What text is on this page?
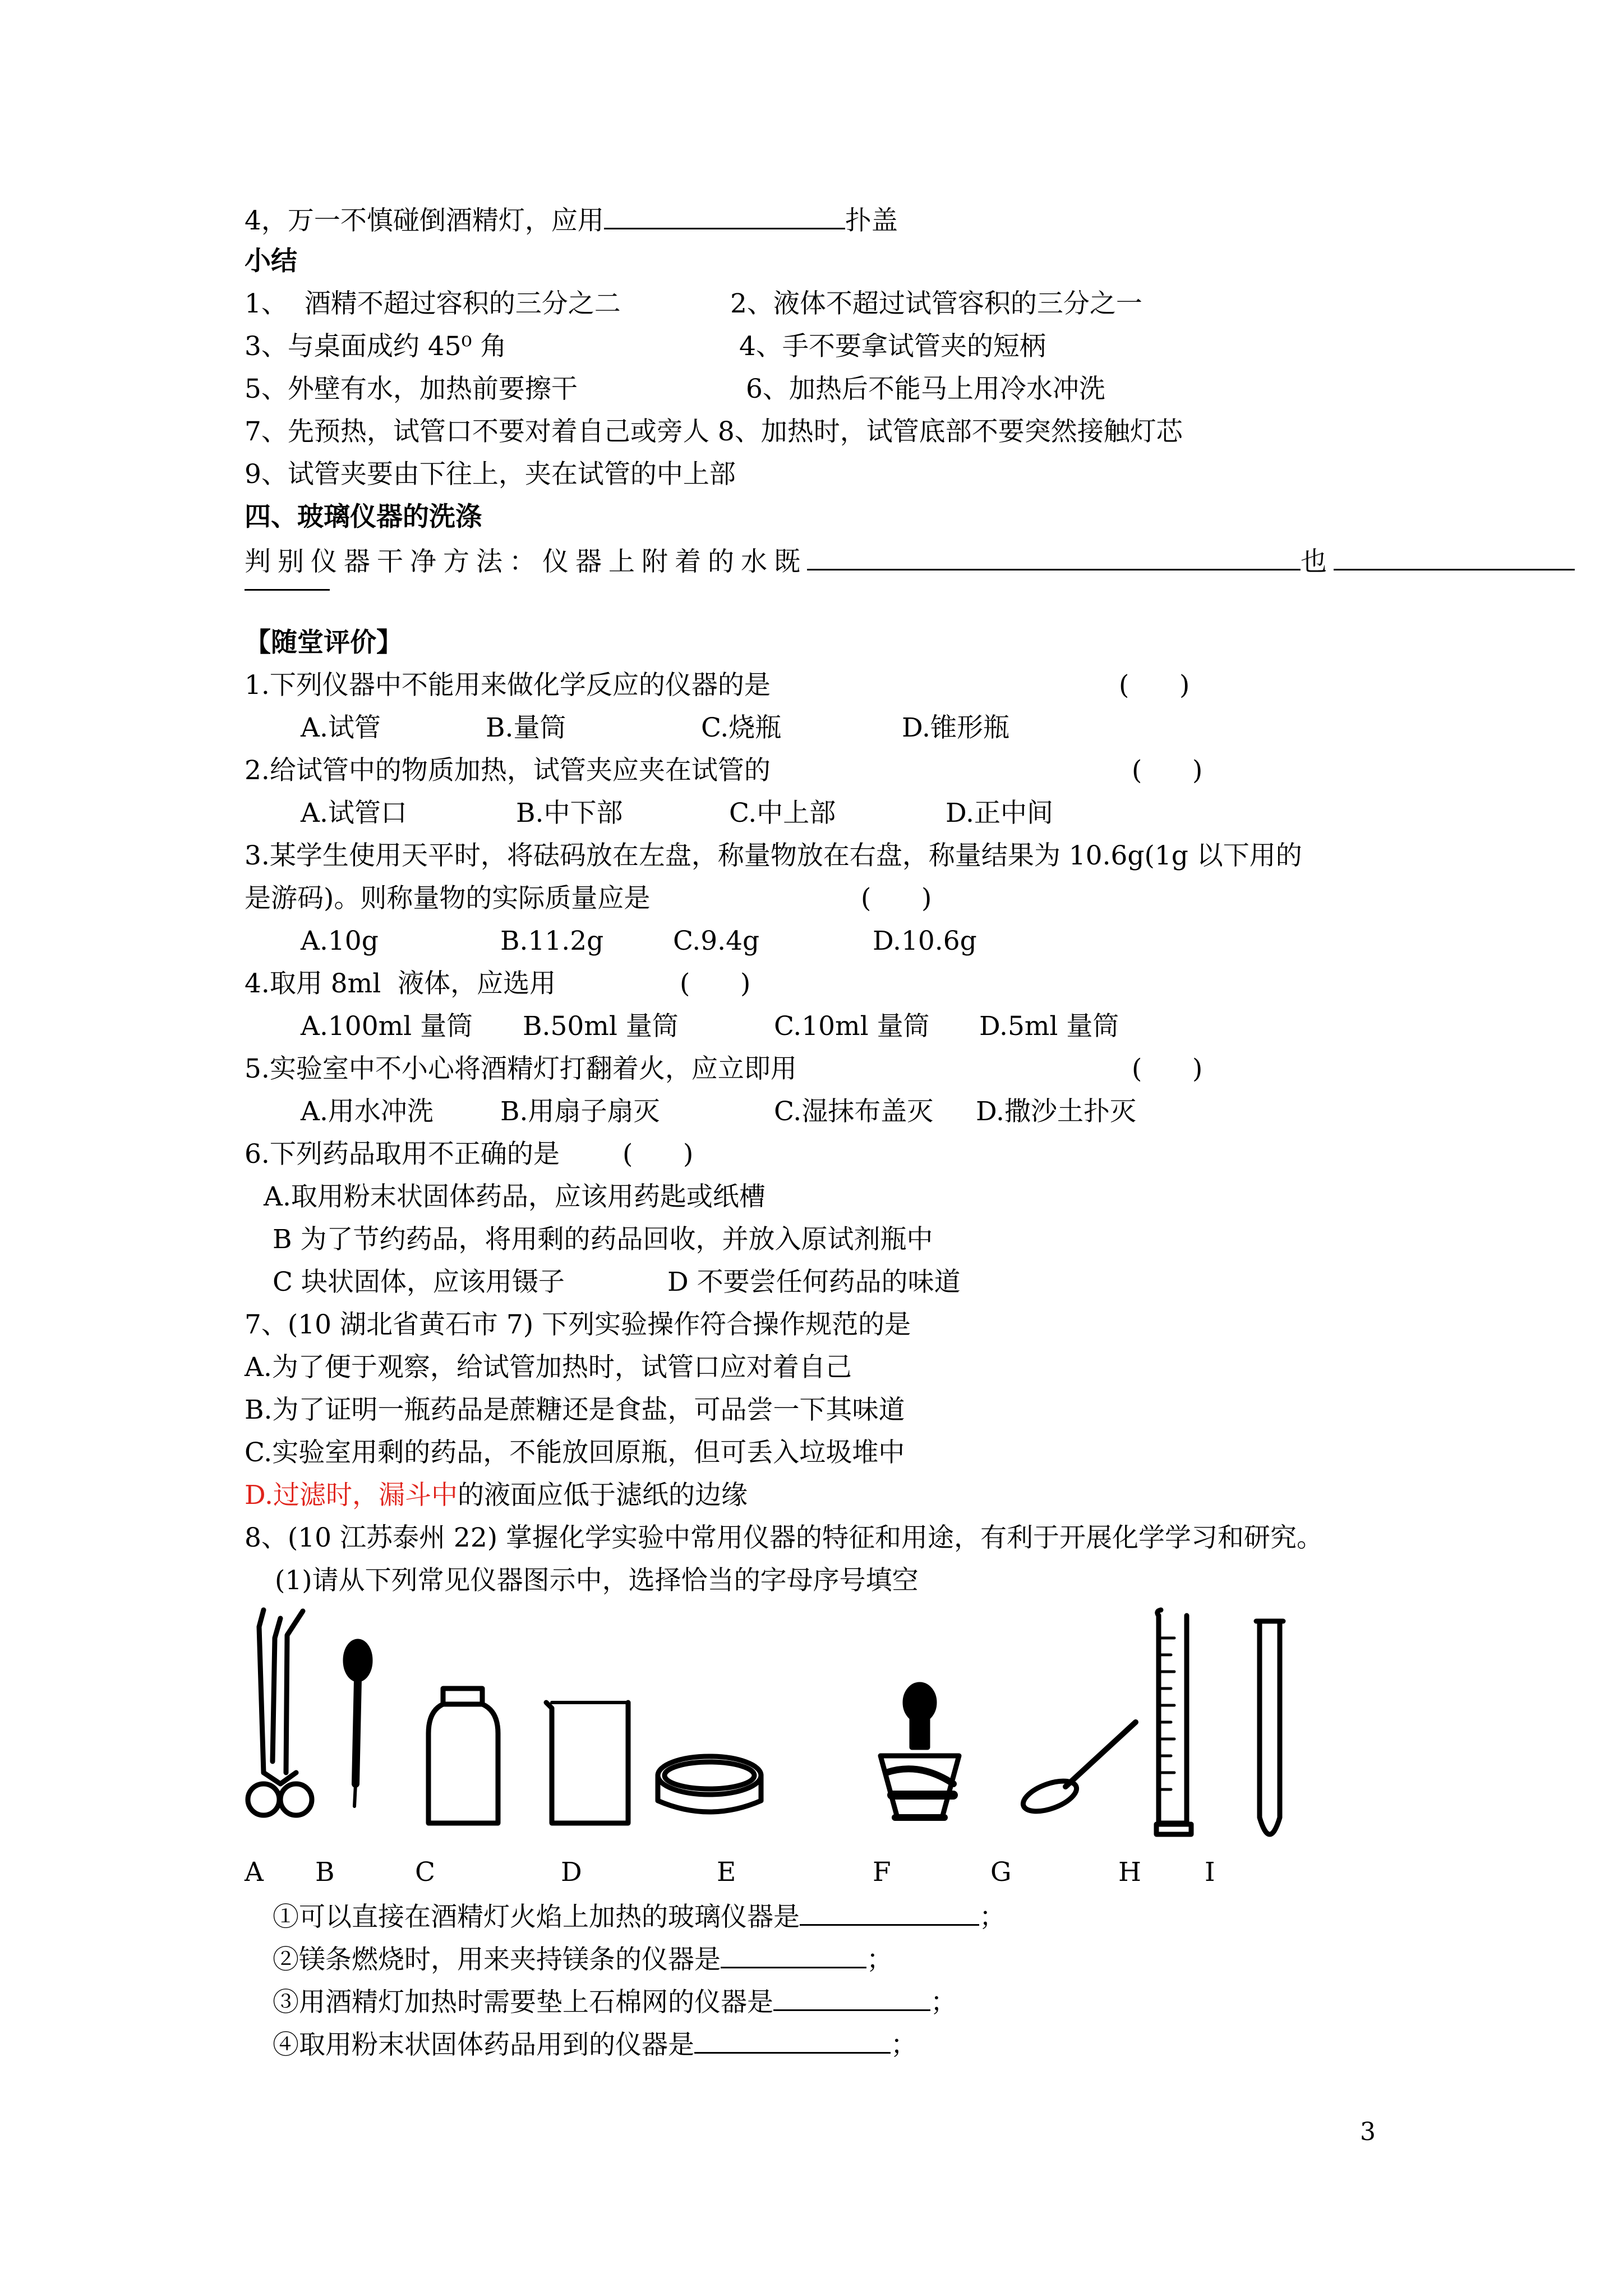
4，万一不慎碰倒酒精灯，应用	扑盖
小结
1、  酒精不超过容积的三分之二	2、液体不超过试管容积的三分之一
3、与桌面成约 45⁰ 角	4、手不要拿试管夹的短柄
5、外壁有水，加热前要擦干	6、加热后不能马上用冷水冲洗
7、先预热，试管口不要对着自己或旁人 8、加热时，试管底部不要突然接触灯芯
9、试管夹要由下往上，夹在试管的中上部
四、玻璃仪器的洗涤
判别仪器干净方法：仪器上附着的水既	也
【随堂评价】
1.下列仪器中不能用来做化学反应的仪器的是	(      )
A.试管	B.量筒	C.烧瓶	D.锥形瓶
2.给试管中的物质加热，试管夹应夹在试管的	(      )
A.试管口	B.中下部	C.中上部	D.正中间
3.某学生使用天平时，将砝码放在左盘，称量物放在右盘，称量结果为 10.6g(1g 以下用的
是游码)。则称量物的实际质量应是	(      )
A.10g	B.11.2g	C.9.4g	D.10.6g
4.取用 8ml  液体，应选用	(      )
A.100ml 量筒 B.50ml 量筒	C.10ml 量筒 D.5ml 量筒
5.实验室中不小心将酒精灯打翻着火，应立即用	(      )
A.用水冲洗	B.用扇子扇灭	C.湿抹布盖灭 D.撒沙土扑灭
6.下列药品取用不正确的是 (      )
A.取用粉末状固体药品，应该用药匙或纸槽
B 为了节约药品，将用剩的药品回收，并放入原试剂瓶中
C 块状固体，应该用镊子	D 不要尝任何药品的味道
7、(10 湖北省黄石市 7) 下列实验操作符合操作规范的是
A.为了便于观察，给试管加热时，试管口应对着自己
B.为了证明一瓶药品是蔗糖还是食盐，可品尝一下其味道
C.实验室用剩的药品，不能放回原瓶，但可丢入垃圾堆中
D.过滤时，漏斗中的液面应低于滤纸的边缘
8、(10 江苏泰州 22) 掌握化学实验中常用仪器的特征和用途，有利于开展化学学习和研究。
(1)请从下列常见仪器图示中，选择恰当的字母序号填空
A B	C	D	E	F	G	H I
①可以直接在酒精灯火焰上加热的玻璃仪器是	；
②镁条燃烧时，用来夹持镁条的仪器是	；
③用酒精灯加热时需要垫上石棉网的仪器是	；
④取用粉末状固体药品用到的仪器是	；
3
